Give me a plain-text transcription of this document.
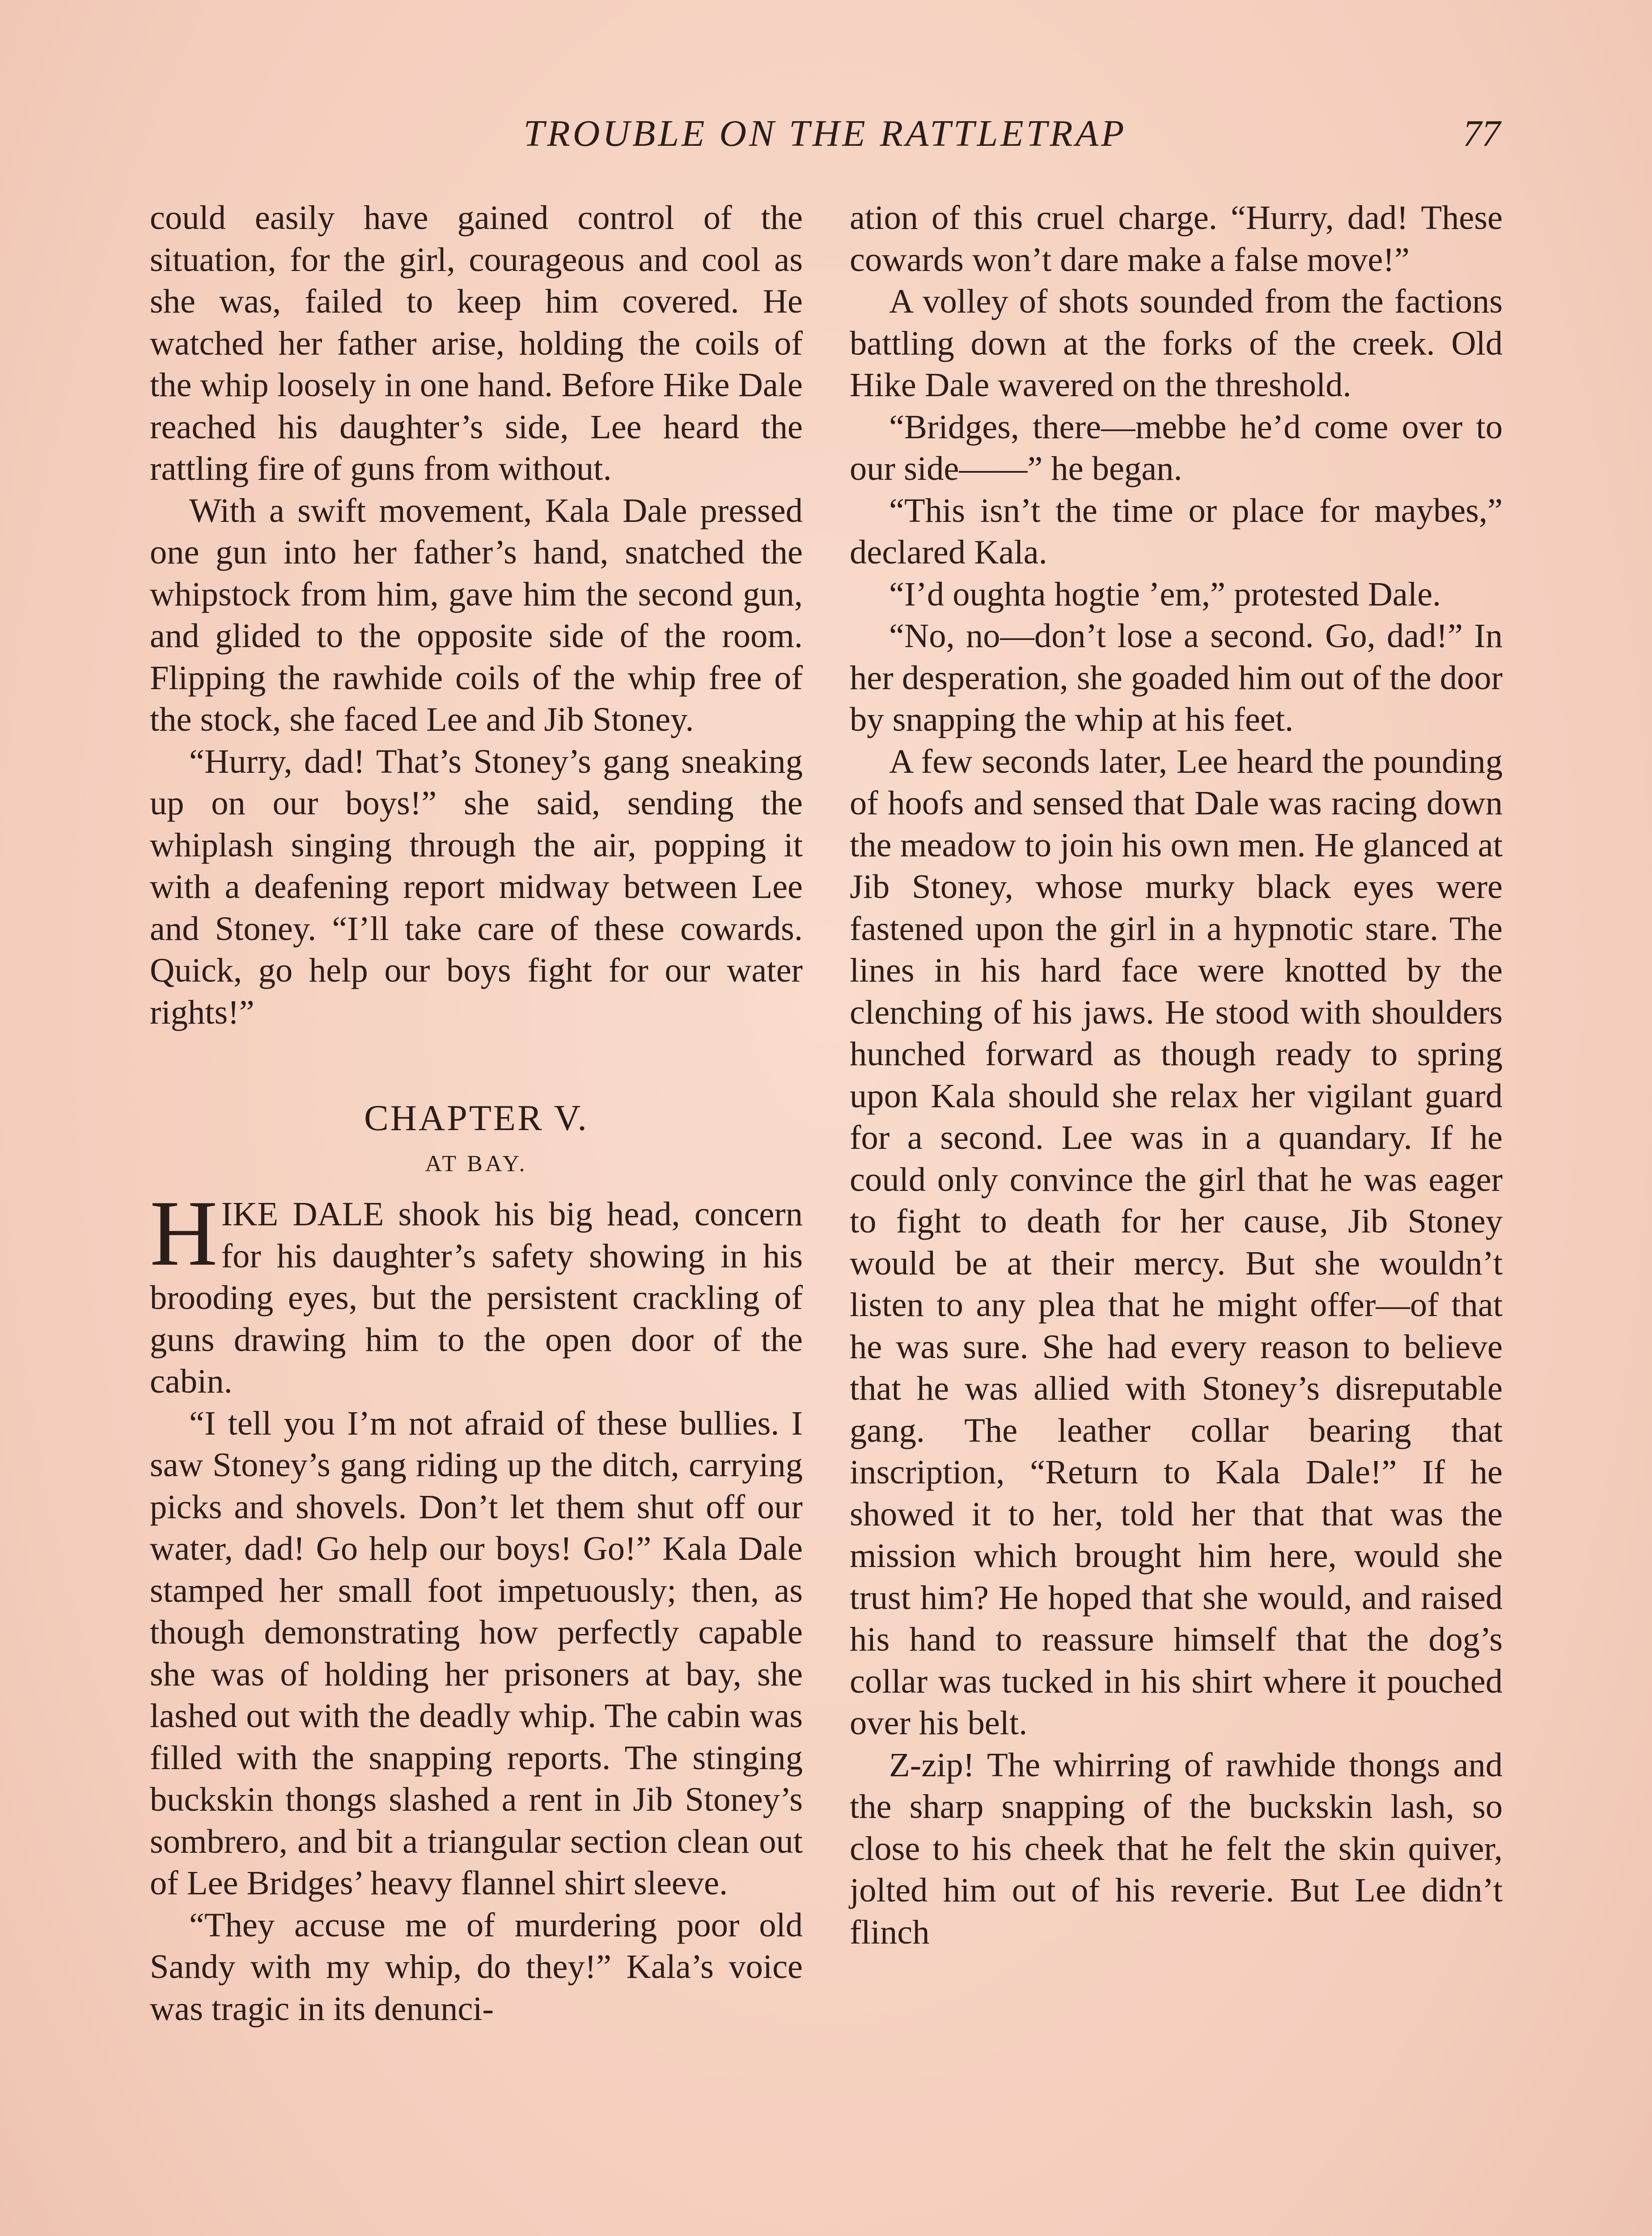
TROUBLE ON THE RATTLETRAP	77

could easily have gained control of the situation, for the girl, courageous and cool as she was, failed to keep him covered. He watched her father arise, holding the coils of the whip loosely in one hand. Before Hike Dale reached his daughter’s side, Lee heard the rattling fire of guns from without.

With a swift movement, Kala Dale pressed one gun into her father’s hand, snatched the whipstock from him, gave him the second gun, and glided to the opposite side of the room. Flipping the rawhide coils of the whip free of the stock, she faced Lee and Jib Stoney.

“Hurry, dad! That’s Stoney’s gang sneaking up on our boys!” she said, sending the whiplash singing through the air, popping it with a deafening report midway between Lee and Stoney. “I’ll take care of these cowards. Quick, go help our boys fight for our water rights!”

CHAPTER V.
AT BAY.

HIKE DALE shook his big head, concern for his daughter’s safety showing in his brooding eyes, but the persistent crackling of guns drawing him to the open door of the cabin.

“I tell you I’m not afraid of these bullies. I saw Stoney’s gang riding up the ditch, carrying picks and shovels. Don’t let them shut off our water, dad! Go help our boys! Go!” Kala Dale stamped her small foot impetuously; then, as though demonstrating how perfectly capable she was of holding her prisoners at bay, she lashed out with the deadly whip. The cabin was filled with the snapping reports. The stinging buckskin thongs slashed a rent in Jib Stoney’s sombrero, and bit a triangular section clean out of Lee Bridges’ heavy flannel shirt sleeve.

“They accuse me of murdering poor old Sandy with my whip, do they!” Kala’s voice was tragic in its denunci-

ation of this cruel charge. “Hurry, dad! These cowards won’t dare make a false move!”

A volley of shots sounded from the factions battling down at the forks of the creek. Old Hike Dale wavered on the threshold.

“Bridges, there—mebbe he’d come over to our side——” he began.

“This isn’t the time or place for maybes,” declared Kala.

“I’d oughta hogtie ’em,” protested Dale.

“No, no—don’t lose a second. Go, dad!” In her desperation, she goaded him out of the door by snapping the whip at his feet.

A few seconds later, Lee heard the pounding of hoofs and sensed that Dale was racing down the meadow to join his own men. He glanced at Jib Stoney, whose murky black eyes were fastened upon the girl in a hypnotic stare. The lines in his hard face were knotted by the clenching of his jaws. He stood with shoulders hunched forward as though ready to spring upon Kala should she relax her vigilant guard for a second. Lee was in a quandary. If he could only convince the girl that he was eager to fight to death for her cause, Jib Stoney would be at their mercy. But she wouldn’t listen to any plea that he might offer—of that he was sure. She had every reason to believe that he was allied with Stoney’s disreputable gang. The leather collar bearing that inscription, “Return to Kala Dale!” If he showed it to her, told her that that was the mission which brought him here, would she trust him? He hoped that she would, and raised his hand to reassure himself that the dog’s collar was tucked in his shirt where it pouched over his belt.

Z-zip! The whirring of rawhide thongs and the sharp snapping of the buckskin lash, so close to his cheek that he felt the skin quiver, jolted him out of his reverie. But Lee didn’t flinch
